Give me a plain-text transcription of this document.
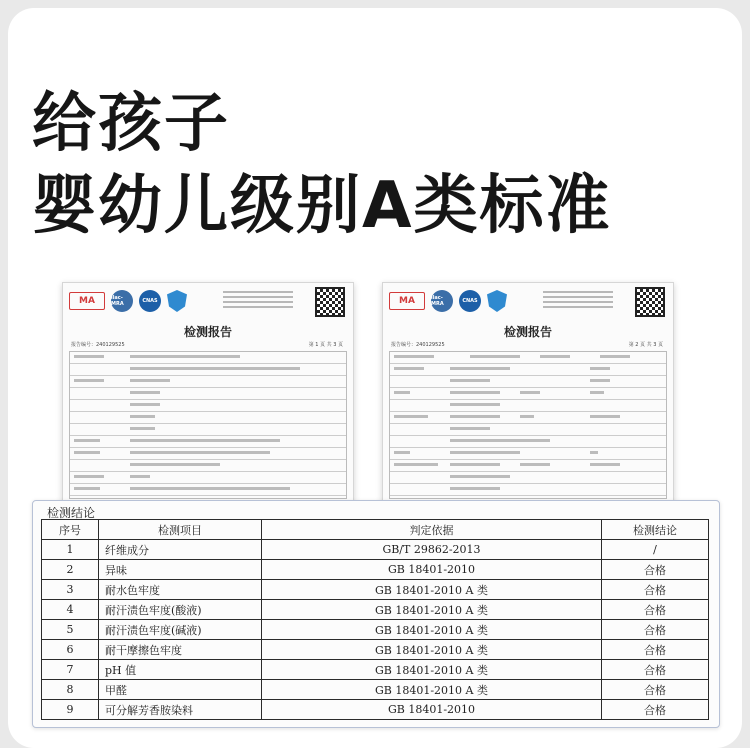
给孩子
婴幼儿级别A类标准
MA	ilac-MRA	CNAS
检测报告
报告编号：240129525	第 1 页 共 3 页
MA	ilac-MRA	CNAS
检测报告
报告编号：240129525	第 2 页 共 3 页
检测结论
序号	检测项目	判定依据	检测结论
1	纤维成分	GB/T 29862-2013	/
2	异味	GB 18401-2010	合格
3	耐水色牢度	GB 18401-2010 A 类	合格
4	耐汗渍色牢度(酸液)	GB 18401-2010 A 类	合格
5	耐汗渍色牢度(碱液)	GB 18401-2010 A 类	合格
6	耐干摩擦色牢度	GB 18401-2010 A 类	合格
7	pH 值	GB 18401-2010 A 类	合格
8	甲醛	GB 18401-2010 A 类	合格
9	可分解芳香胺染料	GB 18401-2010	合格
